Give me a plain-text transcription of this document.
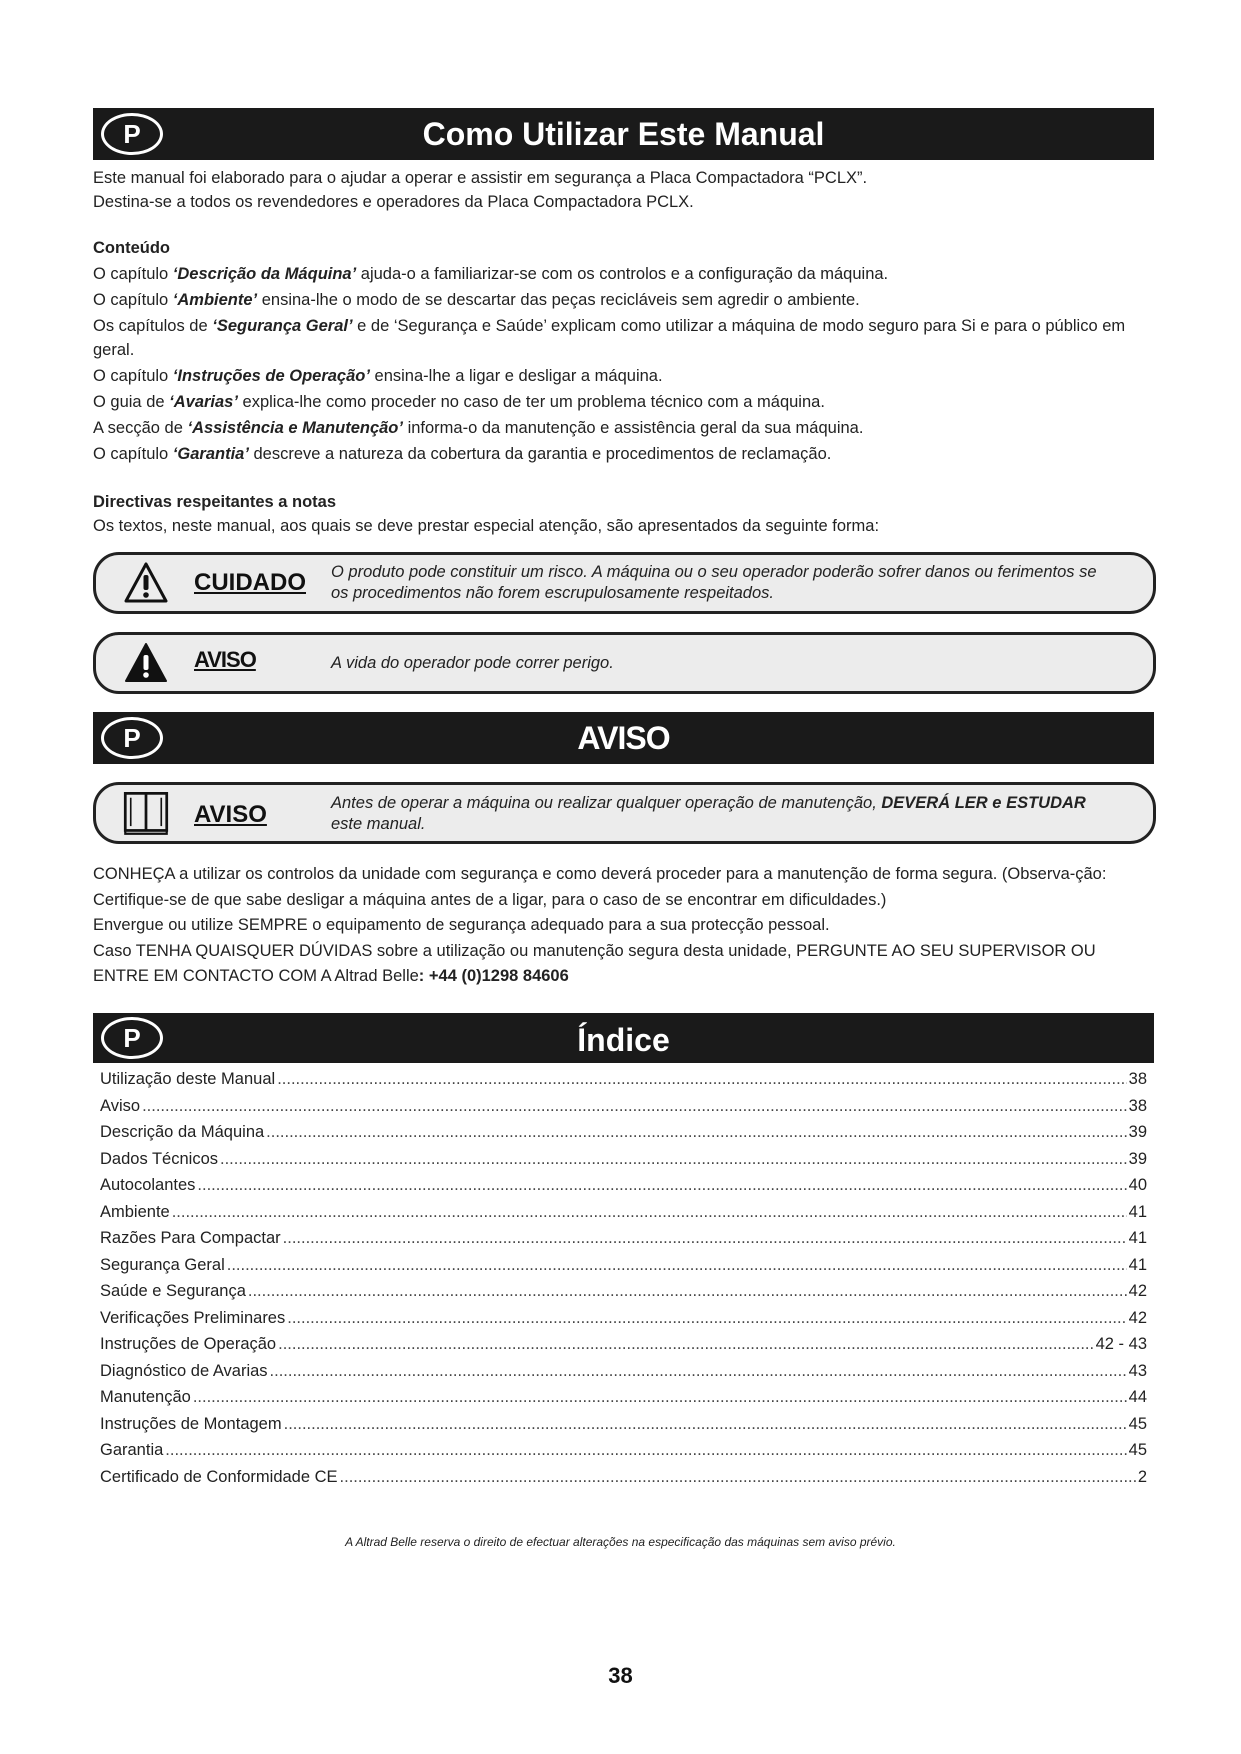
P	Como Utilizar Este Manual

Este manual foi elaborado para o ajudar a operar e assistir em segurança a Placa Compactadora “PCLX”.

Destina-se a todos os revendedores e operadores da Placa Compactadora PCLX.

Conteúdo

O capítulo ‘Descrição da Máquina’ ajuda-o a familiarizar-se com os controlos e a configuração da máquina.

O capítulo ‘Ambiente’ ensina-lhe o modo de se descartar das peças recicláveis sem agredir o ambiente.

Os capítulos de ‘Segurança Geral’ e de ‘Segurança e Saúde’ explicam como utilizar a máquina de modo seguro para Si e para o público em geral.

O capítulo ‘Instruções de Operação’ ensina-lhe a ligar e desligar a máquina.

O guia de ‘Avarias’ explica-lhe como proceder no caso de ter um problema técnico com a máquina.

A secção de ‘Assistência e Manutenção’ informa-o da manutenção e assistência geral da sua máquina.

O capítulo ‘Garantia’ descreve a natureza da cobertura da garantia e procedimentos de reclamação.

Directivas respeitantes a notas

Os textos, neste manual, aos quais se deve prestar especial atenção, são apresentados da seguinte forma:

CUIDADO O produto pode constituir um risco. A máquina ou o seu operador poderão sofrer danos ou ferimentos se os procedimentos não forem escrupulosamente respeitados.
AVISO	A vida do operador pode correr perigo.
P	AVISO
AVISO	Antes de operar a máquina ou realizar qualquer operação de manutenção, DEVERÁ LER e ESTUDAR este manual.

CONHEÇA a utilizar os controlos da unidade com segurança e como deverá proceder para a manutenção de forma segura. (Observa-ção: Certifique-se de que sabe desligar a máquina antes de a ligar, para o caso de se encontrar em dificuldades.)

Envergue ou utilize SEMPRE o equipamento de segurança adequado para a sua protecção pessoal.

Caso TENHA QUAISQUER DÚVIDAS sobre a utilização ou manutenção segura desta unidade, PERGUNTE AO SEU SUPERVISOR OU ENTRE EM CONTACTO COM A Altrad Belle: +44 (0)1298 84606

P	Índice
Utilização deste Manual .....	38
Aviso .....	38
Descrição da Máquina .....	39
Dados Técnicos .....	39
Autocolantes .....	40
Ambiente .....	41
Razões Para Compactar .....	41
Segurança Geral .....	41
Saúde e Segurança .....	42
Verificações Preliminares .....	42
Instruções de Operação .....	42 - 43
Diagnóstico de Avarias .....	43
Manutenção .....	44
Instruções de Montagem .....	45
Garantia .....	45
Certificado de Conformidade CE .....	2
A Altrad Belle reserva o direito de efectuar alterações na especificação das máquinas sem aviso prévio.
38
